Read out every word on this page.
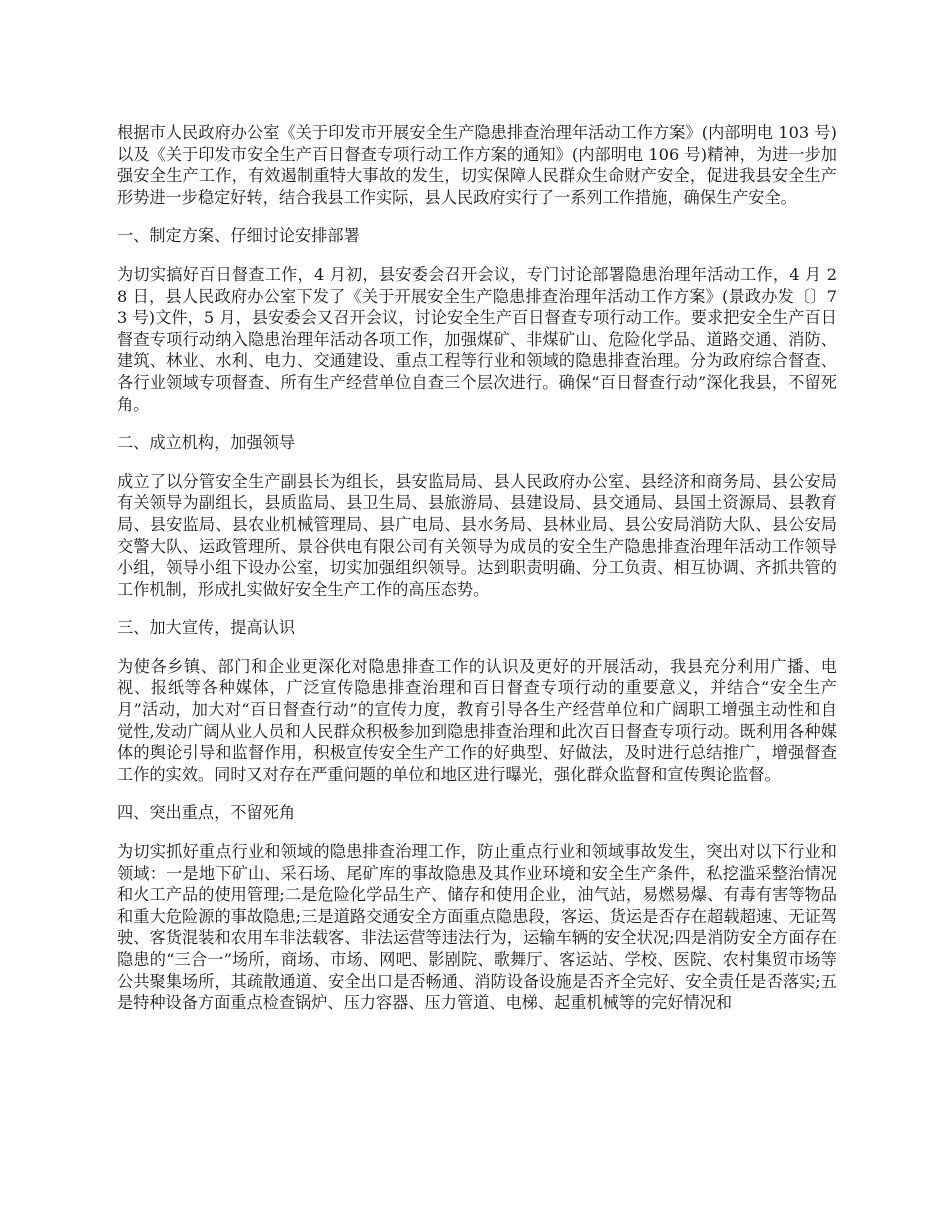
根据市人民政府办公室《关于印发市开展安全生产隐患排查治理年活动工作方案》(内部明电 103 号)以及《关于印发市安全生产百日督查专项行动工作方案的通知》(内部明电 106 号)精神，为进一步加强安全生产工作，有效遏制重特大事故的发生，切实保障人民群众生命财产安全，促进我县安全生产形势进一步稳定好转，结合我县工作实际，县人民政府实行了一系列工作措施，确保生产安全。

一、制定方案、仔细讨论安排部署

为切实搞好百日督查工作，4 月初，县安委会召开会议，专门讨论部署隐患治理年活动工作，4 月 28 日，县人民政府办公室下发了《关于开展安全生产隐患排查治理年活动工作方案》(景政办发〔〕73 号)文件，5 月，县安委会又召开会议，讨论安全生产百日督查专项行动工作。要求把安全生产百日督查专项行动纳入隐患治理年活动各项工作，加强煤矿、非煤矿山、危险化学品、道路交通、消防、建筑、林业、水利、电力、交通建设、重点工程等行业和领域的隐患排查治理。分为政府综合督查、各行业领域专项督查、所有生产经营单位自查三个层次进行。确保“百日督查行动”深化我县，不留死角。

二、成立机构，加强领导

成立了以分管安全生产副县长为组长，县安监局局、县人民政府办公室、县经济和商务局、县公安局有关领导为副组长，县质监局、县卫生局、县旅游局、县建设局、县交通局、县国土资源局、县教育局、县安监局、县农业机械管理局、县广电局、县水务局、县林业局、县公安局消防大队、县公安局交警大队、运政管理所、景谷供电有限公司有关领导为成员的安全生产隐患排查治理年活动工作领导小组，领导小组下设办公室，切实加强组织领导。达到职责明确、分工负责、相互协调、齐抓共管的工作机制，形成扎实做好安全生产工作的高压态势。

三、加大宣传，提高认识

为使各乡镇、部门和企业更深化对隐患排查工作的认识及更好的开展活动，我县充分利用广播、电视、报纸等各种媒体，广泛宣传隐患排查治理和百日督查专项行动的重要意义，并结合“安全生产月”活动，加大对“百日督查行动”的宣传力度，教育引导各生产经营单位和广阔职工增强主动性和自觉性,发动广阔从业人员和人民群众积极参加到隐患排查治理和此次百日督查专项行动。既利用各种媒体的舆论引导和监督作用，积极宣传安全生产工作的好典型、好做法，及时进行总结推广，增强督查工作的实效。同时又对存在严重问题的单位和地区进行曝光，强化群众监督和宣传舆论监督。

四、突出重点，不留死角

为切实抓好重点行业和领域的隐患排查治理工作，防止重点行业和领域事故发生，突出对以下行业和领域：一是地下矿山、采石场、尾矿库的事故隐患及其作业环境和安全生产条件，私挖滥采整治情况和火工产品的使用管理;二是危险化学品生产、储存和使用企业，油气站，易燃易爆、有毒有害等物品和重大危险源的事故隐患;三是道路交通安全方面重点隐患段，客运、货运是否存在超载超速、无证驾驶、客货混装和农用车非法载客、非法运营等违法行为，运输车辆的安全状况;四是消防安全方面存在隐患的“三合一”场所，商场、市场、网吧、影剧院、歌舞厅、客运站、学校、医院、农村集贸市场等公共聚集场所，其疏散通道、安全出口是否畅通、消防设备设施是否齐全完好、安全责任是否落实;五是特种设备方面重点检查锅炉、压力容器、压力管道、电梯、起重机械等的完好情况和
